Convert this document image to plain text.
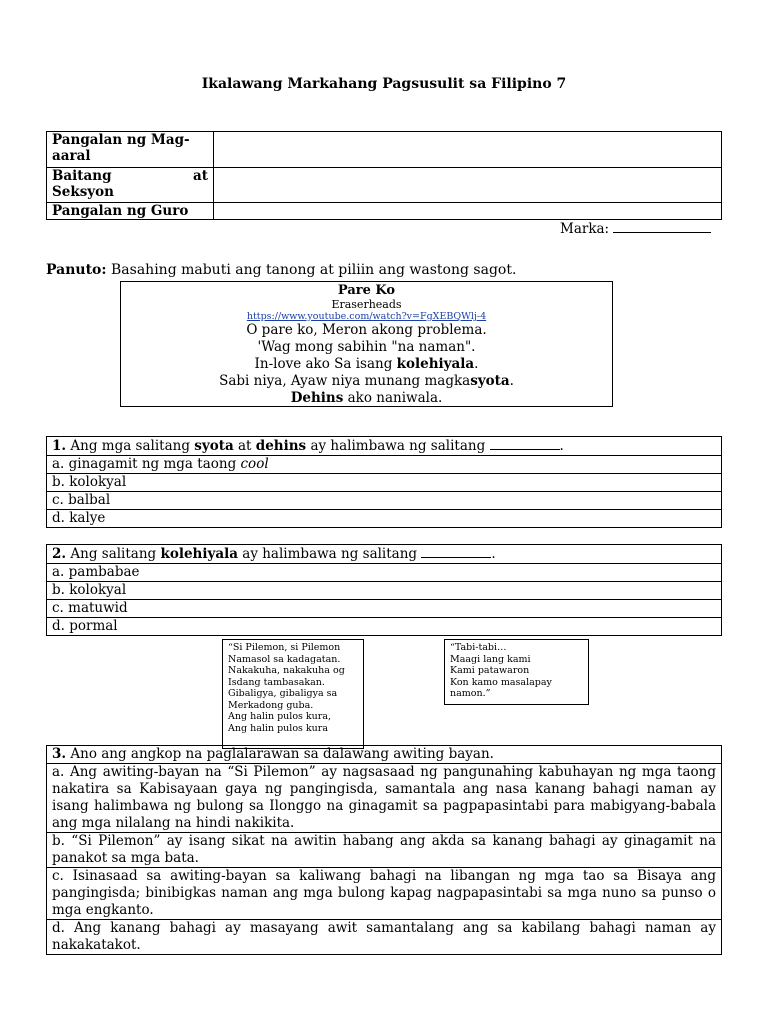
Ikalawang Markahang Pagsusulit sa Filipino 7
Pangalan ng Mag-aaral	

Baitang at
Seksyon	

Pangalan ng Guro	
Marka:
Panuto: Basahing mabuti ang tanong at piliin ang wastong sagot.
Pare Ko
Eraserheads
https://www.youtube.com/watch?v=FgXEBQWlj-4
O pare ko, Meron akong problema.
'Wag mong sabihin "na naman".
In-love ako Sa isang kolehiyala.
Sabi niya, Ayaw niya munang magkasyota.
Dehins ako naniwala.
1. Ang mga salitang syota at dehins ay halimbawa ng salitang	.
a. ginagamit ng mga taong cool
b. kolokyal
c. balbal
d. kalye
2. Ang salitang kolehiyala ay halimbawa ng salitang	.
a. pambabae
b. kolokyal
c. matuwid
d. pormal
“Si Pilemon, si Pilemon
Namasol sa kadagatan.
Nakakuha, nakakuha og
Isdang tambasakan.
Gibaligya, gibaligya sa
Merkadong guba.
Ang halin pulos kura,
Ang halin pulos kura
“Tabi-tabi…
Maagi lang kami
Kami patawaron
Kon kamo masalapay
namon.”
3. Ano ang angkop na paglalarawan sa dalawang awiting bayan.
a. Ang awiting-bayan na “Si Pilemon” ay nagsasaad ng pangunahing kabuhayan ng mga taong nakatira sa Kabisayaan gaya ng pangingisda, samantala ang nasa kanang bahagi naman ay isang halimbawa ng bulong sa Ilonggo na ginagamit sa pagpapasintabi para mabigyang-babala ang mga nilalang na hindi nakikita.
b. “Si Pilemon” ay isang sikat na awitin habang ang akda sa kanang bahagi ay ginagamit na panakot sa mga bata.
c. Isinasaad sa awiting-bayan sa kaliwang bahagi na libangan ng mga tao sa Bisaya ang pangingisda; binibigkas naman ang mga bulong kapag nagpapasintabi sa mga nuno sa punso o mga engkanto.
d. Ang kanang bahagi ay masayang awit samantalang ang sa kabilang bahagi naman ay nakakatakot.
